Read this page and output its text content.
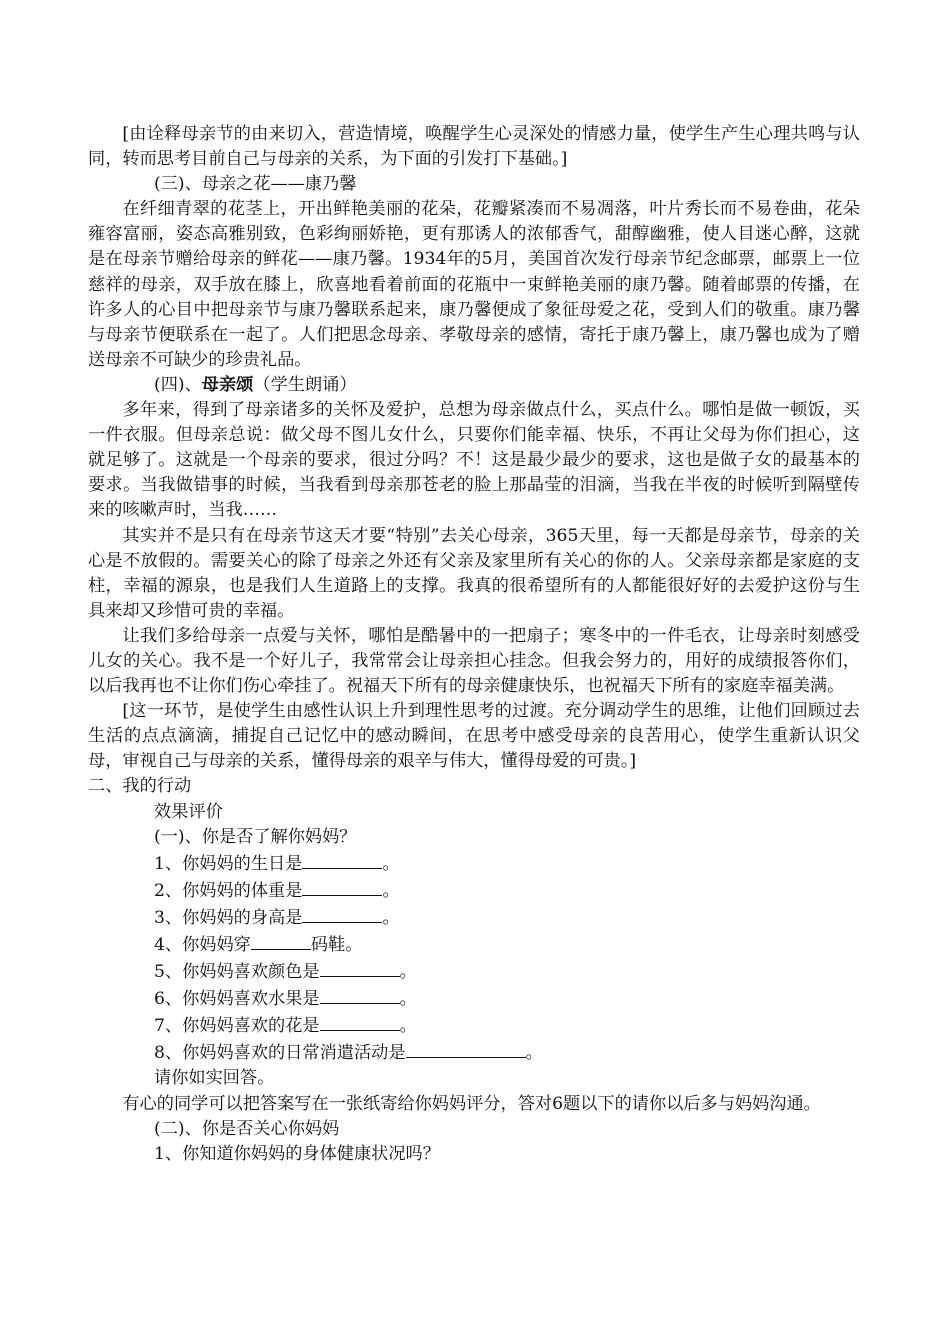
[由诠释母亲节的由来切入，营造情境，唤醒学生心灵深处的情感力量，使学生产生心理共鸣与认同，转而思考目前自己与母亲的关系，为下面的引发打下基础。]

(三)、母亲之花——康乃馨

在纤细青翠的花茎上，开出鲜艳美丽的花朵，花瓣紧凑而不易凋落，叶片秀长而不易卷曲，花朵雍容富丽，姿态高雅别致，色彩绚丽娇艳，更有那诱人的浓郁香气，甜醇幽雅，使人目迷心醉，这就是在母亲节赠给母亲的鲜花——康乃馨。1934年的5月，美国首次发行母亲节纪念邮票，邮票上一位慈祥的母亲，双手放在膝上，欣喜地看着前面的花瓶中一束鲜艳美丽的康乃馨。随着邮票的传播，在许多人的心目中把母亲节与康乃馨联系起来，康乃馨便成了象征母爱之花，受到人们的敬重。康乃馨与母亲节便联系在一起了。人们把思念母亲、孝敬母亲的感情，寄托于康乃馨上，康乃馨也成为了赠送母亲不可缺少的珍贵礼品。

(四)、母亲颂（学生朗诵）

多年来，得到了母亲诸多的关怀及爱护，总想为母亲做点什么，买点什么。哪怕是做一顿饭，买一件衣服。但母亲总说：做父母不图儿女什么，只要你们能幸福、快乐，不再让父母为你们担心，这就足够了。这就是一个母亲的要求，很过分吗？不！这是最少最少的要求，这也是做子女的最基本的要求。当我做错事的时候，当我看到母亲那苍老的脸上那晶莹的泪滴，当我在半夜的时候听到隔壁传来的咳嗽声时，当我……

其实并不是只有在母亲节这天才要“特别”去关心母亲，365天里，每一天都是母亲节，母亲的关心是不放假的。需要关心的除了母亲之外还有父亲及家里所有关心的你的人。父亲母亲都是家庭的支柱，幸福的源泉，也是我们人生道路上的支撑。我真的很希望所有的人都能很好好的去爱护这份与生具来却又珍惜可贵的幸福。

让我们多给母亲一点爱与关怀，哪怕是酷暑中的一把扇子；寒冬中的一件毛衣，让母亲时刻感受儿女的关心。我不是一个好儿子，我常常会让母亲担心挂念。但我会努力的，用好的成绩报答你们，以后我再也不让你们伤心牵挂了。祝福天下所有的母亲健康快乐，也祝福天下所有的家庭幸福美满。

[这一环节，是使学生由感性认识上升到理性思考的过渡。充分调动学生的思维，让他们回顾过去生活的点点滴滴，捕捉自己记忆中的感动瞬间，在思考中感受母亲的良苦用心，使学生重新认识父母，审视自己与母亲的关系，懂得母亲的艰辛与伟大，懂得母爱的可贵。]

二、我的行动

效果评价

(一)、你是否了解你妈妈？

1、你妈妈的生日是	。

2、你妈妈的体重是	。

3、你妈妈的身高是	。

4、你妈妈穿	码鞋。

5、你妈妈喜欢颜色是	。

6、你妈妈喜欢水果是	。

7、你妈妈喜欢的花是	。

8、你妈妈喜欢的日常消遣活动是	。

请你如实回答。

有心的同学可以把答案写在一张纸寄给你妈妈评分，答对6题以下的请你以后多与妈妈沟通。

(二)、你是否关心你妈妈

1、你知道你妈妈的身体健康状况吗？
